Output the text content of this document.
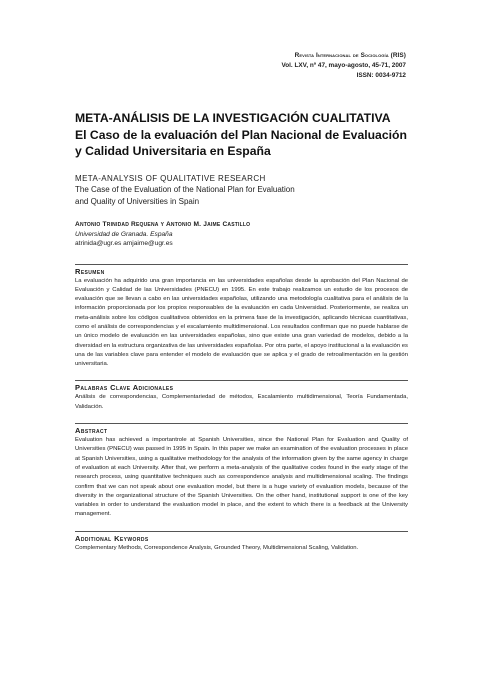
Revista Internacional de Sociología (RIS)
Vol. LXV, nº 47, mayo-agosto, 45-71, 2007
ISSN: 0034-9712
META-ANÁLISIS DE LA INVESTIGACIÓN CUALITATIVA
El Caso de la evaluación del Plan Nacional de Evaluación
y Calidad Universitaria en España
META-ANALYSIS OF QUALITATIVE RESEARCH
The Case of the Evaluation of the National Plan for Evaluation
and Quality of Universities in Spain
Antonio Trinidad Requena y Antonio M. Jaime Castillo
Universidad de Granada. España
atrinida@ugr.es amjaime@ugr.es
Resumen

La evaluación ha adquirido una gran importancia en las universidades españolas desde la aprobación del Plan Nacional de Evaluación y Calidad de las Universidades (PNECU) en 1995. En este trabajo realizamos un estudio de los procesos de evaluación que se llevan a cabo en las universidades españolas, utilizando una metodología cualitativa para el análisis de la información proporcionada por los propios responsables de la evaluación en cada Universidad. Posteriormente, se realiza un meta-análisis sobre los códigos cualitativos obtenidos en la primera fase de la investigación, aplicando técnicas cuantitativas, como el análisis de correspondencias y el escalamiento multidimensional. Los resultados confirman que no puede hablarse de un único modelo de evaluación en las universidades españolas, sino que existe una gran variedad de modelos, debido a la diversidad en la estructura organizativa de las universidades españolas. Por otra parte, el apoyo institucional a la evaluación es una de las variables clave para entender el modelo de evaluación que se aplica y el grado de retroalimentación en la gestión universitaria.

Palabras Clave Adicionales

Análisis de correspondencias, Complementariedad de métodos, Escalamiento multidimensional, Teoría Fundamentada, Validación.

Abstract

Evaluation has achieved a importantrole at Spanish Universities, since the National Plan for Evaluation and Quality of Universities (PNECU) was passed in 1995 in Spain. In this paper we make an examination of the evaluation processes in place at Spanish Universities, using a qualitative methodology for the analysis of the information given by the same agency in charge of evaluation at each University. After that, we perform a meta-analysis of the qualitative codes found in the early stage of the research process, using quantitative techniques such as correspondence analysis and multidimensional scaling. The findings confirm that we can not speak about one evaluation model, but there is a huge variety of evaluation models, because of the diversity in the organizational structure of the Spanish Universities. On the other hand, institutional support is one of the key variables in order to understand the evaluation model in place, and the extent to which there is a feedback at the University management.

Additional Keywords

Complementary Methods, Correspondence Analysis, Grounded Theory, Multidimensional Scaling, Validation.
